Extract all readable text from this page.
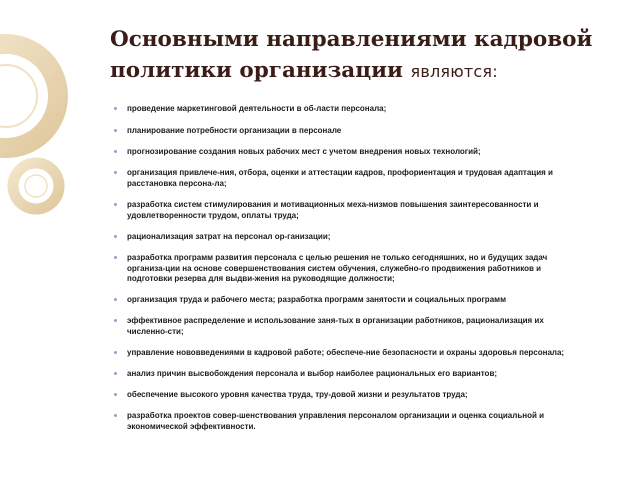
Основными направлениями кадровой политики организации являются:
проведение маркетинговой деятельности в об-ласти персонала;
планирование потребности организации в персонале
прогнозирование создания новых рабочих мест с учетом внедрения новых технологий;
организация привлече-ния, отбора, оценки и аттестации кадров, профориентация и трудовая адаптация и
расстановка персона-ла;
разработка систем стимулирования и мотивационных меха-низмов повышения заинтересованности и
удовлетворенности трудом, оплаты труда;
рационализация затрат на персонал ор-ганизации;
разработка программ развития персонала с целью решения не только сегодняшних, но и будущих задач
организа-ции на основе совершенствования систем обучения, служебно-го продвижения работников и
подготовки резерва для выдви-жения на руководящие должности;
организация труда и рабочего места; разработка программ занятости и социальных программ
эффективное распределение и использование заня-тых в организации работников, рационализация их
численно-сти;
управление нововведениями в кадровой работе; обеспече-ние безопасности и охраны здоровья персонала;
анализ причин высвобождения персонала и выбор наиболее рациональных его вариантов;
обеспечение высокого уровня качества труда, тру-довой жизни и результатов труда;
разработка проектов совер-шенствования управления персоналом организации и оценка социальной и
экономической эффективности.
